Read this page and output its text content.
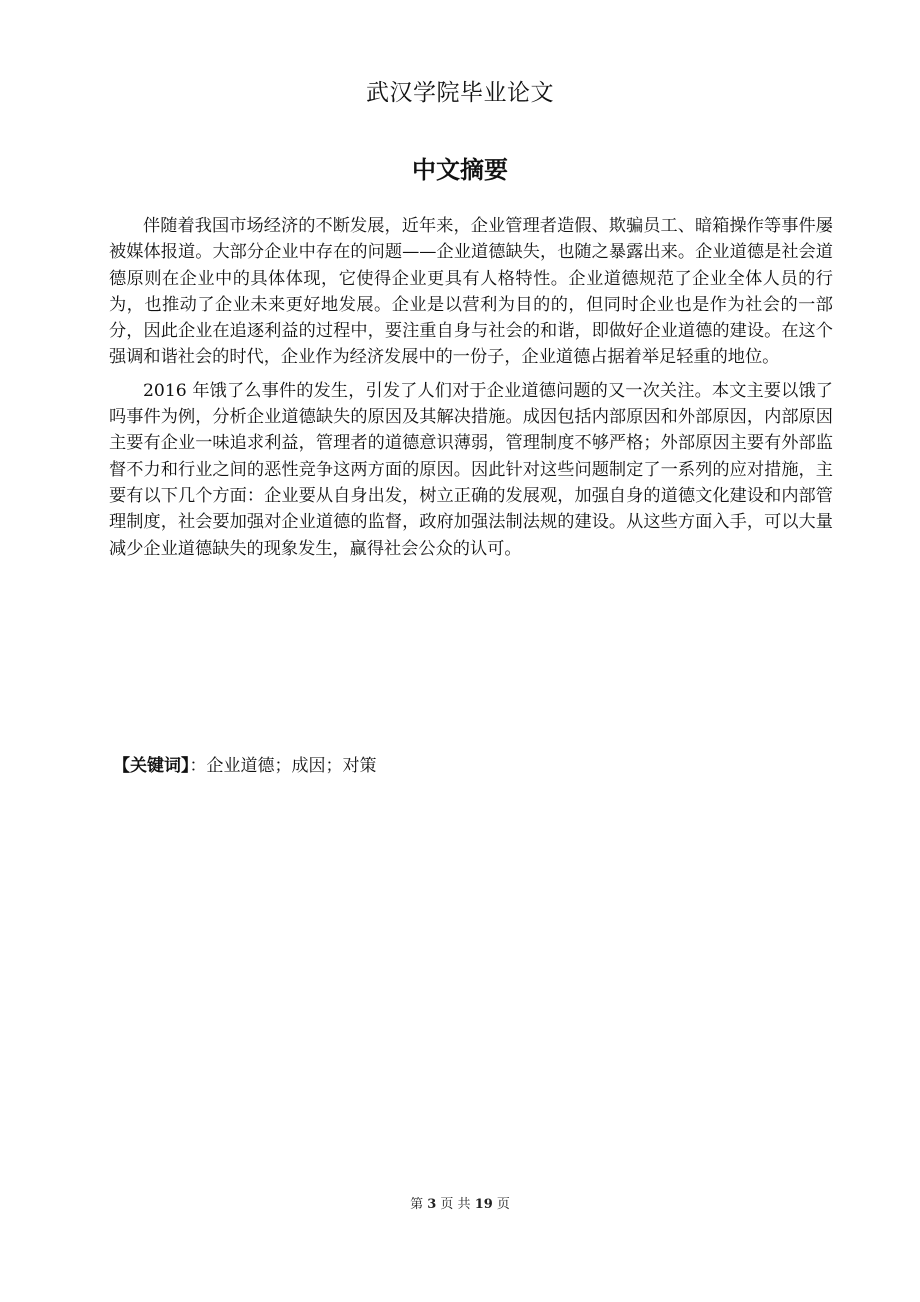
武汉学院毕业论文
中文摘要

伴随着我国市场经济的不断发展，近年来，企业管理者造假、欺骗员工、暗箱操作等事件屡被媒体报道。大部分企业中存在的问题——企业道德缺失，也随之暴露出来。企业道德是社会道德原则在企业中的具体体现，它使得企业更具有人格特性。企业道德规范了企业全体人员的行为，也推动了企业未来更好地发展。企业是以营利为目的的，但同时企业也是作为社会的一部分，因此企业在追逐利益的过程中，要注重自身与社会的和谐，即做好企业道德的建设。在这个强调和谐社会的时代，企业作为经济发展中的一份子，企业道德占据着举足轻重的地位。

2016 年饿了么事件的发生，引发了人们对于企业道德问题的又一次关注。本文主要以饿了吗事件为例，分析企业道德缺失的原因及其解决措施。成因包括内部原因和外部原因，内部原因主要有企业一味追求利益，管理者的道德意识薄弱，管理制度不够严格；外部原因主要有外部监督不力和行业之间的恶性竞争这两方面的原因。因此针对这些问题制定了一系列的应对措施，主要有以下几个方面：企业要从自身出发，树立正确的发展观，加强自身的道德文化建设和内部管理制度，社会要加强对企业道德的监督，政府加强法制法规的建设。从这些方面入手，可以大量减少企业道德缺失的现象发生，赢得社会公众的认可。

【关键词】：企业道德；成因；对策
第 3 页 共 19 页
